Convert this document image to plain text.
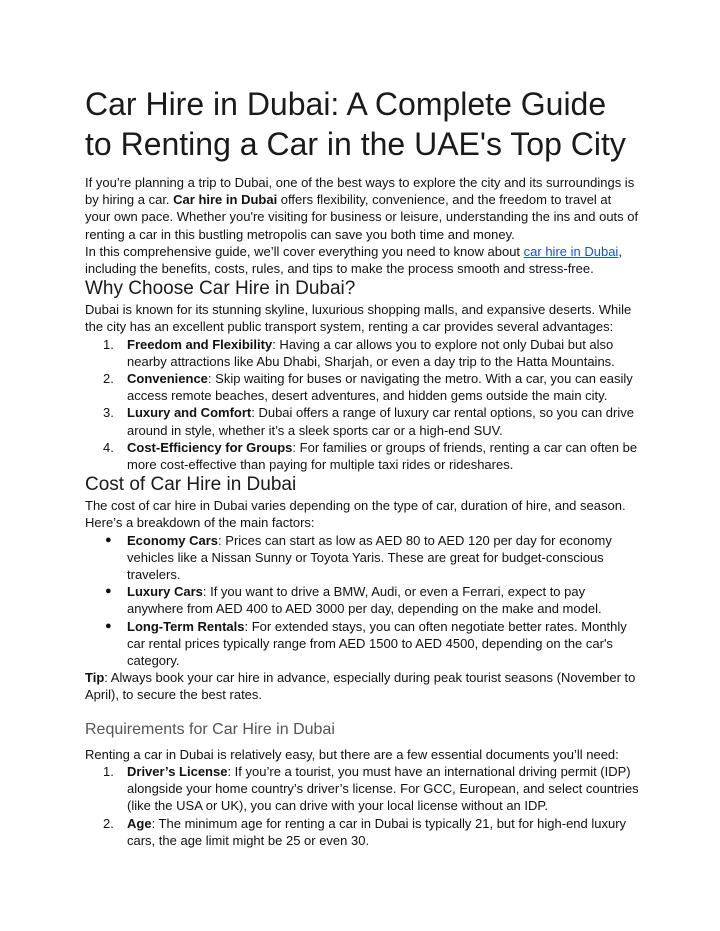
Car Hire in Dubai: A Complete Guide to Renting a Car in the UAE's Top City

If you’re planning a trip to Dubai, one of the best ways to explore the city and its surroundings is by hiring a car. Car hire in Dubai offers flexibility, convenience, and the freedom to travel at your own pace. Whether you're visiting for business or leisure, understanding the ins and outs of renting a car in this bustling metropolis can save you both time and money.

In this comprehensive guide, we’ll cover everything you need to know about car hire in Dubai, including the benefits, costs, rules, and tips to make the process smooth and stress-free.

Why Choose Car Hire in Dubai?

Dubai is known for its stunning skyline, luxurious shopping malls, and expansive deserts. While the city has an excellent public transport system, renting a car provides several advantages:

1.	Freedom and Flexibility: Having a car allows you to explore not only Dubai but also nearby attractions like Abu Dhabi, Sharjah, or even a day trip to the Hatta Mountains.
2.	Convenience: Skip waiting for buses or navigating the metro. With a car, you can easily access remote beaches, desert adventures, and hidden gems outside the main city.
3.	Luxury and Comfort: Dubai offers a range of luxury car rental options, so you can drive around in style, whether it’s a sleek sports car or a high-end SUV.
4.	Cost-Efficiency for Groups: For families or groups of friends, renting a car can often be more cost-effective than paying for multiple taxi rides or rideshares.
Cost of Car Hire in Dubai

The cost of car hire in Dubai varies depending on the type of car, duration of hire, and season. Here’s a breakdown of the main factors:

●	Economy Cars: Prices can start as low as AED 80 to AED 120 per day for economy vehicles like a Nissan Sunny or Toyota Yaris. These are great for budget-conscious travelers.
●	Luxury Cars: If you want to drive a BMW, Audi, or even a Ferrari, expect to pay anywhere from AED 400 to AED 3000 per day, depending on the make and model.
●	Long-Term Rentals: For extended stays, you can often negotiate better rates. Monthly car rental prices typically range from AED 1500 to AED 4500, depending on the car's category.

Tip: Always book your car hire in advance, especially during peak tourist seasons (November to April), to secure the best rates.

Requirements for Car Hire in Dubai

Renting a car in Dubai is relatively easy, but there are a few essential documents you’ll need:

1.	Driver’s License: If you’re a tourist, you must have an international driving permit (IDP) alongside your home country’s driver’s license. For GCC, European, and select countries (like the USA or UK), you can drive with your local license without an IDP.
2.	Age: The minimum age for renting a car in Dubai is typically 21, but for high-end luxury cars, the age limit might be 25 or even 30.
